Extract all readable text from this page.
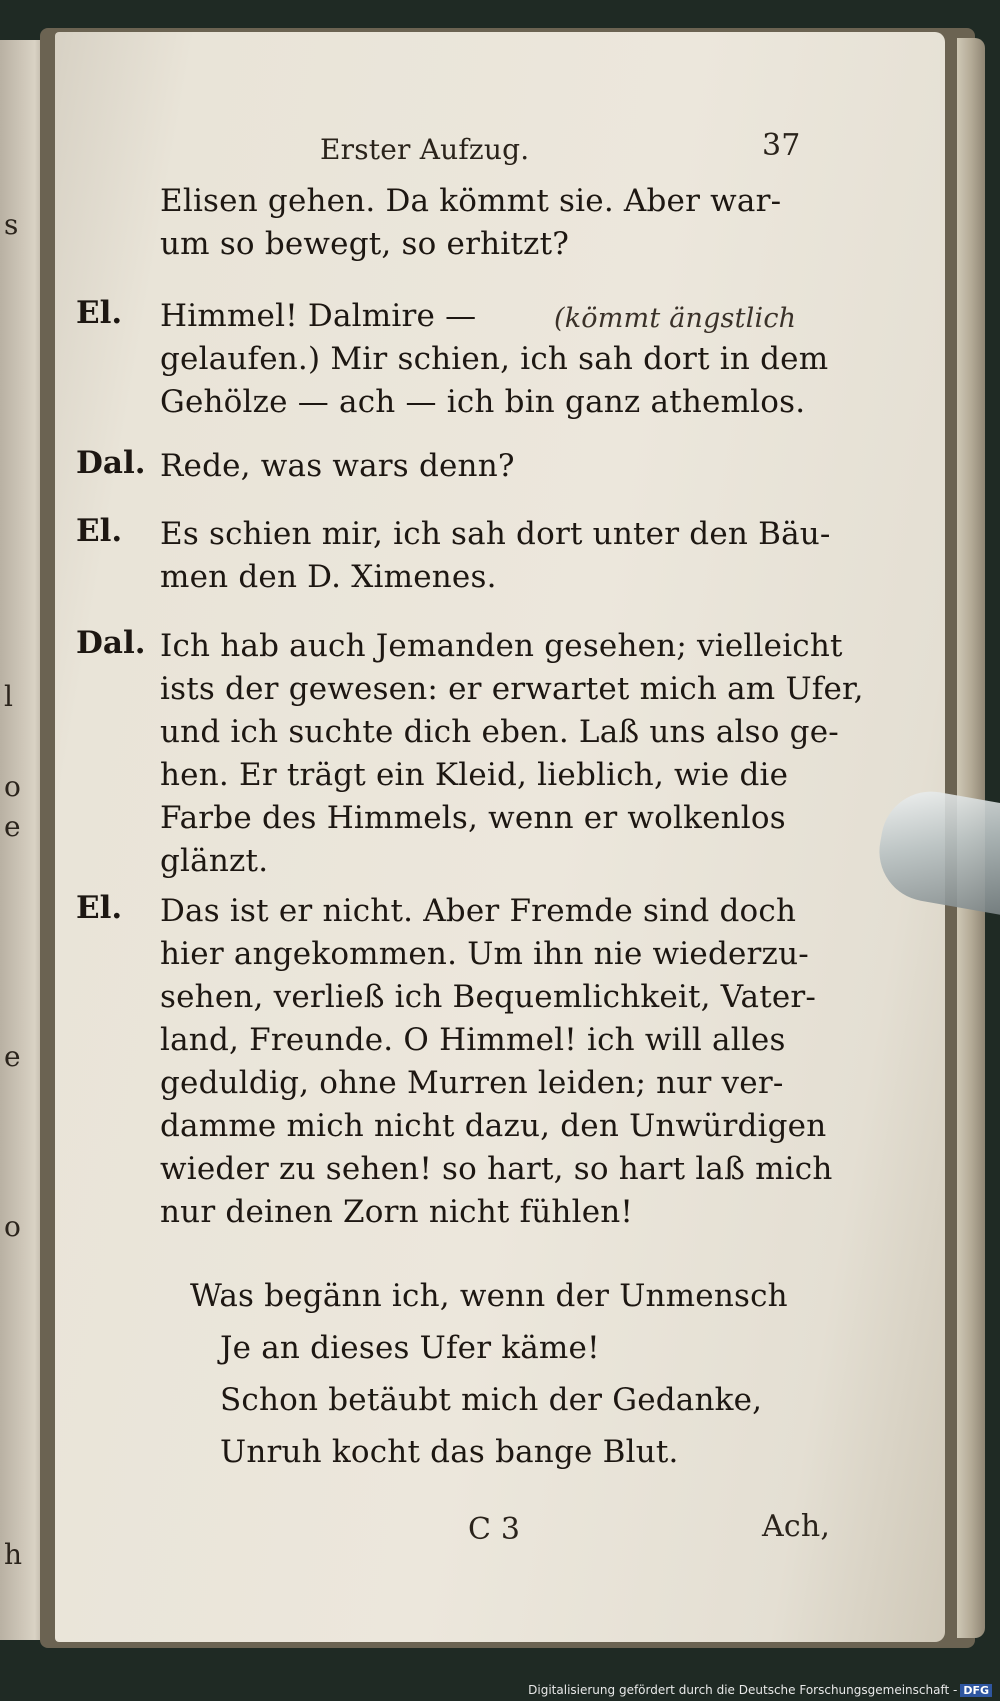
s
l
o
e
e
o
h
Erster Aufzug.	37
Elisen gehen. Da kömmt sie. Aber war-
um so bewegt, so erhitzt?
El. Himmel! Dalmire —	(kömmt ängstlich
gelaufen.) Mir schien, ich sah dort in dem
Gehölze — ach — ich bin ganz athemlos.
Dal. Rede, was wars denn?
El. Es schien mir, ich sah dort unter den Bäu-
men den D. Ximenes.
Dal. Ich hab auch Jemanden gesehen; vielleicht
ists der gewesen: er erwartet mich am Ufer,
und ich suchte dich eben. Laß uns also ge-
hen. Er trägt ein Kleid, lieblich, wie die
Farbe des Himmels, wenn er wolkenlos
glänzt.
El. Das ist er nicht. Aber Fremde sind doch
hier angekommen. Um ihn nie wiederzu-
sehen, verließ ich Bequemlichkeit, Vater-
land, Freunde. O Himmel! ich will alles
geduldig, ohne Murren leiden; nur ver-
damme mich nicht dazu, den Unwürdigen
wieder zu sehen! so hart, so hart laß mich
nur deinen Zorn nicht fühlen!
Was begänn ich, wenn der Unmensch
Je an dieses Ufer käme!
Schon betäubt mich der Gedanke,
Unruh kocht das bange Blut.
C 3	Ach,
Digitalisierung gefördert durch die Deutsche Forschungsgemeinschaft - DFG
